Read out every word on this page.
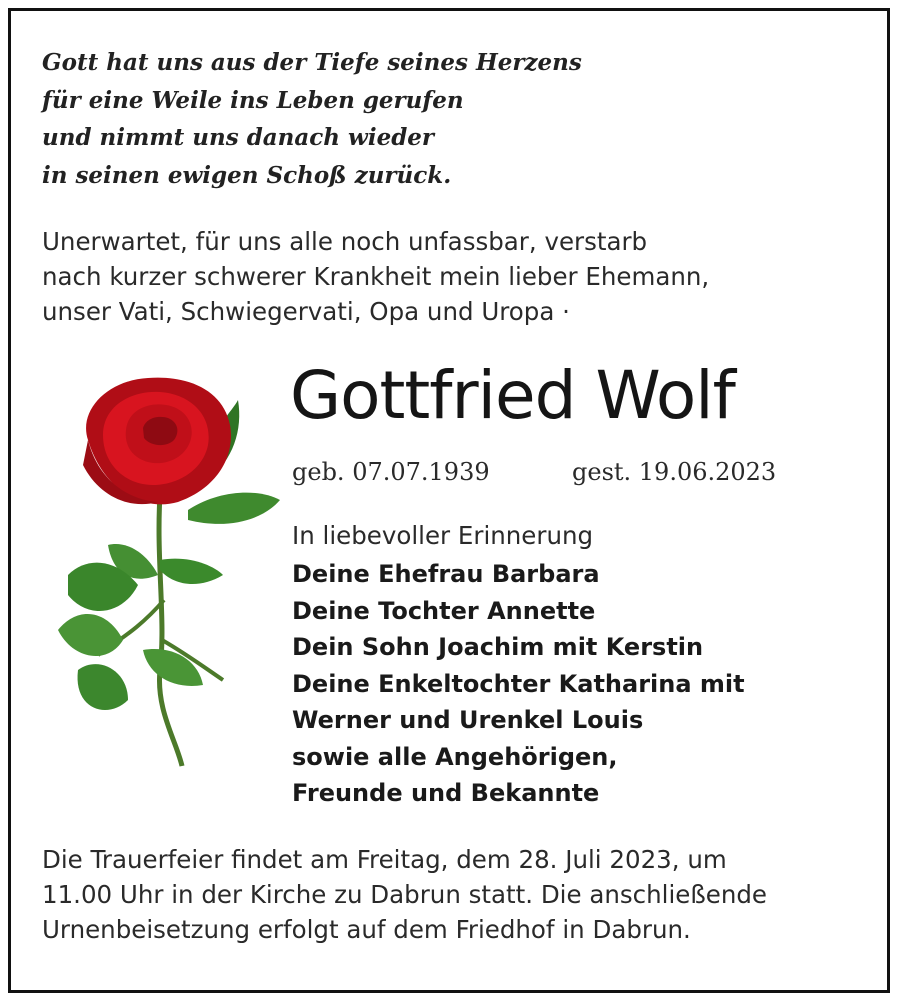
Gott hat uns aus der Tiefe seines Herzens
für eine Weile ins Leben gerufen
und nimmt uns danach wieder
in seinen ewigen Schoß zurück.
Unerwartet, für uns alle noch unfassbar, verstarb
nach kurzer schwerer Krankheit mein lieber Ehemann,
unser Vati, Schwiegervati, Opa und Uropa ·
Gottfried Wolf
geb. 07.07.1939	gest. 19.06.2023
In liebevoller Erinnerung
Deine Ehefrau Barbara
Deine Tochter Annette
Dein Sohn Joachim mit Kerstin
Deine Enkeltochter Katharina mit
Werner und Urenkel Louis
sowie alle Angehörigen,
Freunde und Bekannte
Die Trauerfeier findet am Freitag, dem 28. Juli 2023, um
11.00 Uhr in der Kirche zu Dabrun statt. Die anschließende
Urnenbeisetzung erfolgt auf dem Friedhof in Dabrun.
